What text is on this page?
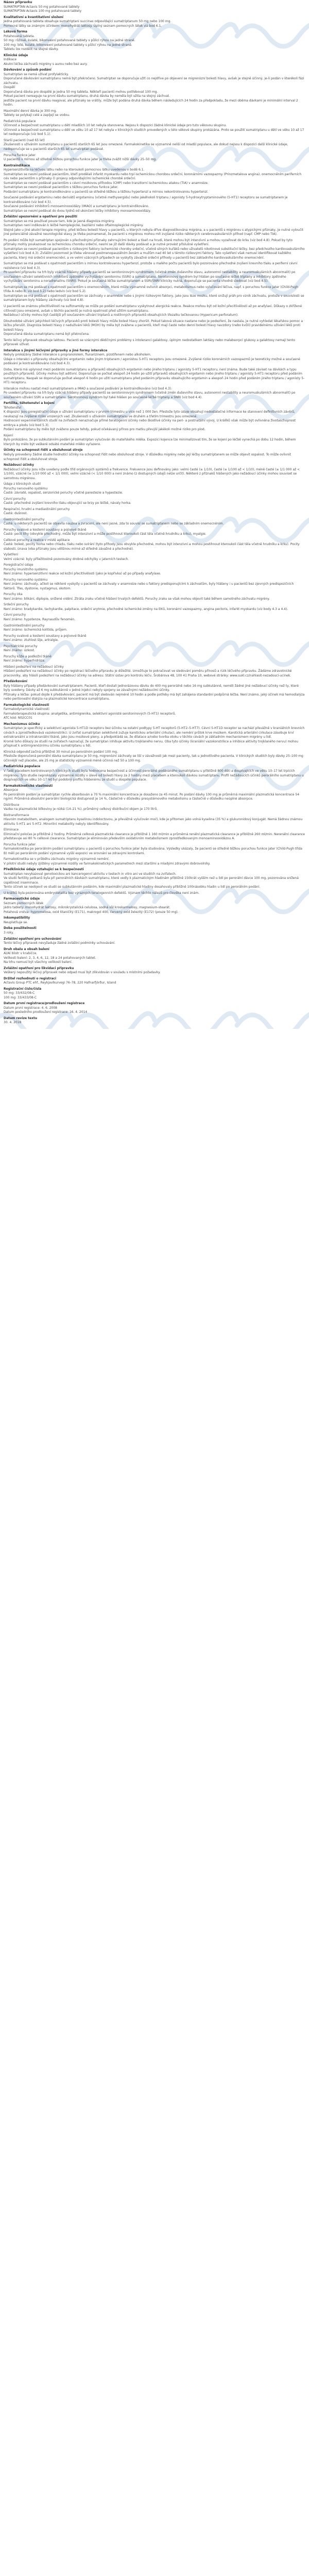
Název přípravku
SUMATRIPTAN Actavis 50 mg potahované tablety
SUMATRIPTAN Actavis 100 mg potahované tablety
Kvalitativní a kvantitativní složení
Jedna potahovaná tableta obsahuje sumatriptani succinas odpovídající sumatriptanum 50 mg nebo 100 mg.
Pomocné látky se známým účinkem: monohydrát laktosy. Úplný seznam pomocných látek viz bod 6.1.
Léková forma
Potahovaná tableta.
50 mg: růžové, kulaté, bikonvexní potahované tablety s půlicí rýhou na jedné straně.
100 mg: bílé, kulaté, bikonvexní potahované tablety s půlicí rýhou na jedné straně.
Tabletu lze rozdělit na stejné dávky.
Klinické údaje
Indikace
Akutní léčba záchvatů migrény s aurou nebo bez aury.
Dávkování a způsob podání
Sumatriptan se nemá užívat profylakticky.
Doporučené dávkování sumatriptanu nemá být překročeno. Sumatriptan se doporučuje užít co nejdříve po objevení se migrenózní bolesti hlavy, avšak je stejně účinný, je-li podán v kterékoli fázi záchvatu.
Dospělí
Doporučená dávka pro dospělé je jedna 50 mg tableta. Někteří pacienti mohou potřebovat 100 mg.
Pokud pacient nereaguje na první dávku sumatriptanu, druhá dávka by neměla být užita na stejný záchvat.
Jestliže pacient na první dávku reagoval, ale příznaky se vrátily, může být podána druhá dávka během následujících 24 hodin za předpokladu, že mezi oběma dávkami je minimální interval 2 hodin.
Maximální denní dávka je 300 mg.
Tablety se polykají celé a zapíjejí se vodou.
Pediatrická populace
Účinnost a bezpečnost sumatriptanu u dětí mladších 10 let nebyla stanovena. Nejsou k dispozici žádné klinické údaje pro tuto věkovou skupinu.
Účinnost a bezpečnost sumatriptanu u dětí ve věku 10 až 17 let nebyla v klinických studiích provedených u této věkové skupiny prokázána. Proto se použití sumatriptanu u dětí ve věku 10 až 17 let nedoporučuje (viz bod 5.1).
Starší pacienti (nad 65 let)
Zkušenosti s užíváním sumatriptanu u pacientů starších 65 let jsou omezené. Farmakokinetika se významně neliší od mladší populace, ale dokud nejsou k dispozici další klinické údaje, nedoporučuje se u pacientů starších 65 let sumatriptan podávat.
Porucha funkce jater
U pacientů s mírnou až středně těžkou poruchou funkce jater je třeba zvážit nižší dávky 25–50 mg.
Kontraindikace
Hypersenzitivita na léčivou látku nebo na kteroukoli pomocnou látku uvedenou v bodě 6.1.
Sumatriptan se nesmí podávat pacientům, kteří prodělali infarkt myokardu nebo trpí ischemickou chorobou srdeční, koronárními vazospazmy (Prinzmetalova angina), onemocněním periferních cév nebo pacientům s příznaky či projevy odpovídajícími ischemické chorobě srdeční.
Sumatriptan se nesmí podávat pacientům s cévní mozkovou příhodou (CMP) nebo tranzitorní ischemickou atakou (TIA) v anamnéze.
Sumatriptan se nesmí podávat pacientům s těžkou poruchou funkce jater.
Podávání sumatriptanu je kontraindikováno u pacientů se středně těžkou a těžkou hypertenzí a mírnou nekontrolovanou hypertenzí.
Současné podávání ergotaminu nebo derivátů ergotaminu (včetně methysergidu) nebo jakéhokoli triptanu / agonisty 5-hydroxytryptaminového (5-HT1) receptoru se sumatriptanem je kontraindikováno (viz bod 4.5).
Současné podávání inhibitorů monoaminooxidázy (IMAO) a sumatriptanu je kontraindikováno.
Sumatriptan se nesmí podávat do dvou týdnů od ukončení léčby inhibitory monoaminooxidázy.
Zvláštní upozornění a opatření pro použití
Sumatriptan se má používat pouze tam, kde je jasná diagnóza migrény.
Sumatriptan není indikován k léčbě hemiplegické, bazilární nebo oftalmoplegické migrény.
Stejně jako u jiné akutní terapie migrény, před léčbou bolestí hlavy u pacientů, u kterých nebyla dříve diagnostikována migréna, a u pacientů s migrénou s atypickými příznaky, je nutné vyloučit jiné potenciálně závažné neurologické stavy. Je třeba poznamenat, že pacienti s migrénou mohou mít zvýšené riziko některých cerebrovaskulárních příhod (např. CMP nebo TIA).
Po podání může být sumatriptan spojován s přechodnými příznaky zahrnujícími bolest a tíseň na hrudi, které mohou být intenzivní a mohou vyzařovat do krku (viz bod 4.8). Pokud by tyto příznaky mohly poukazovat na ischemickou chorobu srdeční, nesmí se již další dávky podávat a je nutné provést příslušné vyšetření.
Sumatriptan se nesmí podávat pacientům s rizikovými faktory ischemické choroby srdeční, včetně silných kuřáků nebo uživatelů nikotinové substituční léčby, bez předchozího kardiovaskulárního vyšetření (viz bod 4.3). Zvláštní pozornost je třeba věnovat postmenopauzálním ženám a mužům nad 40 let s těmito rizikovými faktory. Tato vyšetření však nemusí identifikovat každého pacienta, který má srdeční onemocnění, a ve velmi vzácných případech se vyskytly závažné srdeční příhody u pacientů bez základního kardiovaskulárního onemocnění.
Sumatriptan se má podávat s opatrností pacientům s mírnou kontrolovanou hypertenzí, protože u malého počtu pacientů bylo pozorováno přechodné zvýšení krevního tlaku a periferní cévní rezistence (viz bod 4.3).
Po uvedení přípravku na trh byly vzácně hlášeny případy pacientů se serotoninovým syndromem (včetně změn duševního stavu, autonomní nestability a neuromuskulárních abnormalit) po současném užívání selektivních inhibitorů zpětného vychytávání serotoninu (SSRI) a sumatriptanu. Serotoninový syndrom byl hlášen po současné léčbě triptany a inhibitory zpětného vychytávání serotoninu a noradrenalinu (SNRI). Pokud je současná léčba sumatriptanem a SSRI/SNRI klinicky nutná, doporučuje se pacienta vhodně sledovat (viz bod 4.5).
Sumatriptan se má podávat s opatrností pacientům s onemocněním, které může významně ovlivnit absorpci, metabolismus nebo vylučování léčiva, např. s poruchou funkce jater (Child-Pugh třída A nebo B; viz bod 5.2) nebo ledvin (viz bod 5.2).
Sumatriptan se má podávat s opatrností pacientům se záchvaty v anamnéze nebo s jinými rizikovými faktory, jako jsou léze mozku, které snižují práh pro vznik záchvatu, protože v souvislosti se sumatriptanem byly hlášeny záchvaty (viz bod 4.8).
U pacientů se známou přecitlivělostí na sulfonamidy se může po podání sumatriptanu vyskytnout alergická reakce. Reakce mohou být od kožní přecitlivělosti až po anafylaxi. Důkazy o zkřížené citlivosti jsou omezené, avšak u těchto pacientů je nutná opatrnost před užitím sumatriptanu.
Nežádoucí účinky mohou být častější při současném užívání triptanů a rostlinných přípravků obsahujících třezalku tečkovanou (Hypericum perforatum).
Dlouhodobé užívání jakýchkoli léčivých přípravků proti bolesti hlavy může bolest hlavy zhoršit. Pokud taková situace nastane nebo je podezření, že nastala, je nutné vyhledat lékařskou pomoc a léčbu přerušit. Diagnóza bolesti hlavy z nadužívání léků (MOH) by měla být zvážena u pacientů, kteří mají časté nebo denní bolesti hlavy navzdory (nebo kvůli) pravidelnému užívání léků proti bolesti hlavy.
Doporučená dávka sumatriptanu nemá být překročena.
Tento léčivý přípravek obsahuje laktosu. Pacienti se vzácnými dědičnými problémy s intolerancí galaktosy, úplným nedostatkem laktázy nebo malabsorpcí glukosy a galaktosy nemají tento přípravek užívat.
Interakce s jinými léčivými přípravky a jiné formy interakce
Nebyly prokázány žádné interakce s propranololem, flunarizinem, pizotifenem nebo alkoholem.
Údaje o interakci s přípravky obsahujícími ergotamin nebo jiným triptanem / agonistou 5-HT1 receptoru jsou omezené. Zvýšené riziko koronárních vazospazmů je teoreticky možné a současné podávání je kontraindikováno (viz bod 4.3).
Doba, která má uplynout mezi podáním sumatriptanu a přípravků obsahujících ergotamin nebo jiného triptanu / agonisty 5-HT1 receptoru, není známa. Bude také záviset na dávkách a typu použitých přípravků. Účinky mohou být aditivní. Doporučuje se počkat alespoň 24 hodin po užití přípravků obsahujících ergotamin nebo jiného triptanu / agonisty 5-HT1 receptoru před podáním sumatriptanu. Naopak se doporučuje počkat alespoň 6 hodin po užití sumatriptanu před podáním přípravku obsahujícího ergotamin a alespoň 24 hodin před podáním jiného triptanu / agonisty 5-HT1 receptoru.
Interakce mohou nastat mezi sumatriptanem a IMAO a současné podávání je kontraindikováno (viz bod 4.3).
Po uvedení přípravku na trh byly vzácně hlášeny případy pacientů se serotoninovým syndromem (včetně změn duševního stavu, autonomní nestability a neuromuskulárních abnormalit) po současném užívání SSRI a sumatriptanu. Serotoninový syndrom byl také hlášen po současné léčbě triptany a SNRI (viz bod 4.4).
Fertilita, těhotenství a kojení
Těhotenství
K dispozici jsou poregistrační údaje o užívání sumatriptanu v prvním trimestru u více než 1 000 žen. Přestože tyto údaje obsahují nedostatečné informace ke stanovení definitivních závěrů, neukazují na zvýšené riziko vrozených vad. Zkušenosti s užíváním sumatriptanu ve druhém a třetím trimestru jsou omezené.
Hodnocení experimentálních studií na zvířatech nenaznačuje přímé teratogenní účinky nebo škodlivé účinky na peri- a postnatální vývoj. U králíků však může být ovlivněna životaschopnost embrya a plodu (viz bod 5.3).
Podání sumatriptanu by mělo být zváženo pouze tehdy, pokud očekávaný přínos pro matku převýší jakékoli možné riziko pro plod.
Kojení
Bylo prokázáno, že po subkutánním podání je sumatriptan vylučován do mateřského mléka. Expozici kojence lze minimalizovat tím, že se kojení po léčbě vynechá po dobu 12 hodin, během kterých by mělo být veškeré odsáté mateřské mléko vyřazeno.
Účinky na schopnost řídit a obsluhovat stroje
Nebyly provedeny žádné studie hodnotící účinky na schopnost řídit nebo obsluhovat stroje. V důsledku migrény nebo její léčby sumatriptanem se může objevit ospalost. To může ovlivnit schopnost řídit a obsluhovat stroje.
Nežádoucí účinky
Nežádoucí účinky jsou níže uvedeny podle tříd orgánových systémů a frekvence. Frekvence jsou definovány jako: velmi časté (≥ 1/10), časté (≥ 1/100 až < 1/10), méně časté (≥ 1/1 000 až < 1/100), vzácné (≥ 1/10 000 až < 1/1 000), velmi vzácné (< 1/10 000) a není známo (z dostupných údajů nelze určit). Některé z příznaků hlášených jako nežádoucí účinky mohou souviset se samotnou migrénou.
Údaje z klinických studií
Poruchy nervového systému
Časté: závratě, ospalost, senzorické poruchy včetně parestezie a hypestezie.
Cévní poruchy
Časté: přechodné zvýšení krevního tlaku objevující se brzy po léčbě, návaly horka.
Respirační, hrudní a mediastinální poruchy
Časté: dušnost.
Gastrointestinální poruchy
Časté: u některých pacientů se objevila nauzea a zvracení, ale není jasné, zda to souvisí se sumatriptanem nebo se základním onemocněním.
Poruchy svalové a kosterní soustavy a pojivové tkáně
Časté: pocit tíhy (obvykle přechodný, může být intenzivní a může postihnout kteroukoli část těla včetně hrudníku a krku), myalgie.
Celkové poruchy a reakce v místě aplikace
Časté: bolest, pocity horka nebo chladu, tlaku nebo svírání (tyto příhody jsou obvykle přechodné, mohou být intenzivní a mohou postihnout kteroukoli část těla včetně hrudníku a krku). Pocity slabosti, únava (oba příznaky jsou většinou mírné až středně závažné a přechodné).
Vyšetření
Velmi vzácné: byly příležitostně pozorovány drobné odchylky v jaterních testech.
Poregistrační údaje
Poruchy imunitního systému
Není známo: hypersenzitivní reakce od kožní přecitlivělosti (jako je kopřivka) až po případy anafylaxe.
Poruchy nervového systému
Není známo: záchvaty, ačkoli se některé vyskytly u pacientů se záchvaty v anamnéze nebo s faktory predisponujícími k záchvatům, byly hlášeny i u pacientů bez zjevných predispozičních faktorů. Třes, dystonie, nystagmus, skotom.
Poruchy oka
Není známo: blikání, diplopie, snížené vidění. Ztráta zraku včetně hlášení trvalých defektů. Poruchy zraku se však mohou objevit také během samotného záchvatu migrény.
Srdeční poruchy
Není známo: bradykardie, tachykardie, palpitace, srdeční arytmie, přechodné ischemické změny na EKG, koronární vazospazmy, angina pectoris, infarkt myokardu (viz body 4.3 a 4.4).
Cévní poruchy
Není známo: hypotenze, Raynaudův fenomén.
Gastrointestinální poruchy
Není známo: ischemická kolitida, průjem.
Poruchy svalové a kosterní soustavy a pojivové tkáně
Není známo: ztuhlost šíje, artralgie.
Psychiatrické poruchy
Není známo: úzkost.
Poruchy kůže a podkožní tkáně
Není známo: hyperhidróza.
Hlášení podezření na nežádoucí účinky
Hlášení podezření na nežádoucí účinky po registraci léčivého přípravku je důležité. Umožňuje to pokračovat ve sledování poměru přínosů a rizik léčivého přípravku. Žádáme zdravotnické pracovníky, aby hlásili podezření na nežádoucí účinky na adresu: Státní ústav pro kontrolu léčiv, Šrobárova 48, 100 41 Praha 10, webové stránky: www.sukl.cz/nahlasit-nezadouci-ucinek.
Předávkování
Byly hlášeny případy předávkování sumatriptanem. Pacienti, kteří dostali jednorázovou dávku do 400 mg perorálně nebo 16 mg subkutánně, neměli žádné jiné nežádoucí účinky než ty, které byly uvedeny. Dávky až 6 mg subkutánně v jedné injekci nebyly spojeny se závažnými nežádoucími účinky.
Příznaky a léčba: pokud dojde k předávkování, pacient má být sledován nejméně 10 hodin a podle potřeby má být zahájena standardní podpůrná léčba. Není známo, jaký účinek má hemodialýza nebo peritoneální dialýza na plazmatické koncentrace sumatriptanu.
Farmakologické vlastnosti
Farmakodynamické vlastnosti
Farmakoterapeutická skupina: analgetika, antimigrenika, selektivní agonisté serotoninových (5-HT1) receptorů.
ATC kód: N02CC01
Mechanismus účinku
Sumatriptan je specifický a selektivní agonista 5-HT1D receptoru bez účinku na ostatní podtypy 5-HT receptorů (5-HT2–5-HT7). Cévní 5-HT1D receptor se nachází převážně v kraniálních krevních cévách a zprostředkovává vazokonstrikci. U zvířat sumatriptan selektivně zužuje karotickou arteriální cirkulaci, ale nemění průtok krve mozkem. Karotická arteriální cirkulace zásobuje krví extrakraniální a intrakraniální tkáně, jako jsou mozkové pleny, a předpokládá se, že dilatace a/nebo tvorba otoku v těchto cévách je základním mechanismem migrény u lidí.
Kromě toho důkazy ze studií na zvířatech naznačují, že sumatriptan inhibuje aktivitu trojklaného nervu. Oba tyto účinky (kraniální vazokonstrikce a inhibice aktivity trojklaného nervu) mohou přispívat k antimigrenóznímu účinku sumatriptanu u lidí.
Klinická odpověď začíná přibližně 30 minut po perorálním podání 100 mg.
Přestože doporučená perorální dávka sumatriptanu je 50 mg, migrenózní záchvaty se liší v závažnosti jak mezi pacienty, tak u jednotlivého pacienta. V klinických studiích byly dávky 25–100 mg účinnější než placebo, ale 25 mg je statisticky významně méně účinná než 50 a 100 mg.
Pediatrická populace
V řadě placebem kontrolovaných klinických studií byla hodnocena bezpečnost a účinnost perorálně podávaného sumatriptanu u přibližně 800 dětí a dospívajících ve věku 10–17 let trpících migrénou. Tyto studie neprokázaly významné rozdíly v úlevě od bolesti hlavy za 2 hodiny mezi placebem a kteroukoli dávkou sumatriptanu. Profil nežádoucích účinků perorálního sumatriptanu u dospívajících ve věku 10–17 let byl podobný profilu hlášenému ze studií u dospělé populace.
Farmakokinetické vlastnosti
Absorpce
Po perorálním podání je sumatriptan rychle absorbován a 70 % maximální koncentrace je dosaženo za 45 minut. Po podání dávky 100 mg je průměrná maximální plazmatická koncentrace 54 ng/ml. Průměrná absolutní perorální biologická dostupnost je 14 %, částečně v důsledku presystémového metabolismu a částečně v důsledku neúplné absorpce.
Distribuce
Vazba na plazmatické bílkoviny je nízká (14–21 %), průměrný celkový distribuční objem je 170 litrů.
Biotransformace
Hlavním metabolitem, analogem sumatriptanu kyselinou indoloctovou, je převážně vylučován močí, kde je přítomen jako volná kyselina (35 %) a glukuronidový konjugát. Nemá žádnou známou aktivitu 5-HT1 ani 5-HT2. Minoritní metabolity nebyly identifikovány.
Eliminace
Eliminační poločas je přibližně 2 hodiny. Průměrná celková plazmatická clearance je přibližně 1 160 ml/min a průměrná renální plazmatická clearance je přibližně 260 ml/min. Nerenální clearance představuje asi 80 % celkové clearance. Sumatriptan je eliminován především oxidativním metabolismem zprostředkovaným monoaminooxidázou A.
Porucha funkce jater
Farmakokinetika po perorálním podání sumatriptanu u pacientů s poruchou funkce jater byla studována. Výsledky ukázaly, že pacienti se středně těžkou poruchou funkce jater (Child-Pugh třída B) měli po perorálním podání významně vyšší expozici ve srovnání se zdravými kontrolami.
Farmakokinetika se v průběhu záchvatu migrény významně nemění.
V pilotní studii nebyly zjištěny významné rozdíly ve farmakokinetických parametrech mezi staršími a mladými zdravými dobrovolníky.
Předklinické údaje vztahující se k bezpečnosti
Sumatriptan nevykazoval genotoxickou ani kancerogenní aktivitu v testech in vitro ani ve studiích na zvířatech.
Ve studii fertility potkanů byla při perorálních dávkách sumatriptanu, které vedly k plazmatickým hladinám přibližně 150krát vyšším než u lidí po perorální dávce 100 mg, pozorována snížená úspěšnost inseminace.
Tento účinek se neobjevil ve studii se subkutánním podáním, kde maximální plazmatické hladiny dosahovaly přibližně 100násobku hladin u lidí po perorálním podání.
U králíků byla pozorována embryoletalita bez výrazných teratogenních defektů. Význam těchto nálezů pro člověka není znám.
Farmaceutické údaje
Seznam pomocných látek
Jádro tablety: monohydrát laktosy, mikrokrystalická celulosa, sodná sůl kroskarmelosy, magnesium-stearát.
Potahová vrstva: hypromelosa, oxid titaničitý (E171), makrogol 400, červený oxid železitý (E172) (pouze 50 mg).
Inkompatibility
Neuplatňuje se.
Doba použitelnosti
3 roky.
Zvláštní opatření pro uchovávání
Tento léčivý přípravek nevyžaduje žádné zvláštní podmínky uchovávání.
Druh obalu a obsah balení
Al/Al blistr v krabičce.
Velikosti balení: 2, 3, 4, 6, 12, 18 a 24 potahovaných tablet.
Na trhu nemusí být všechny velikosti balení.
Zvláštní opatření pro likvidaci přípravku
Veškerý nepoužitý léčivý přípravek nebo odpad musí být zlikvidován v souladu s místními požadavky.
Držitel rozhodnutí o registraci
Actavis Group PTC ehf., Reykjavíkurvegi 76–78, 220 Hafnarfjörður, Island
Registrační číslo/čísla
50 mg: 33/432/08-C
100 mg: 33/433/08-C
Datum první registrace/prodloužení registrace
Datum první registrace: 4. 6. 2008
Datum posledního prodloužení registrace: 16. 4. 2014
Datum revize textu
30. 4. 2018
